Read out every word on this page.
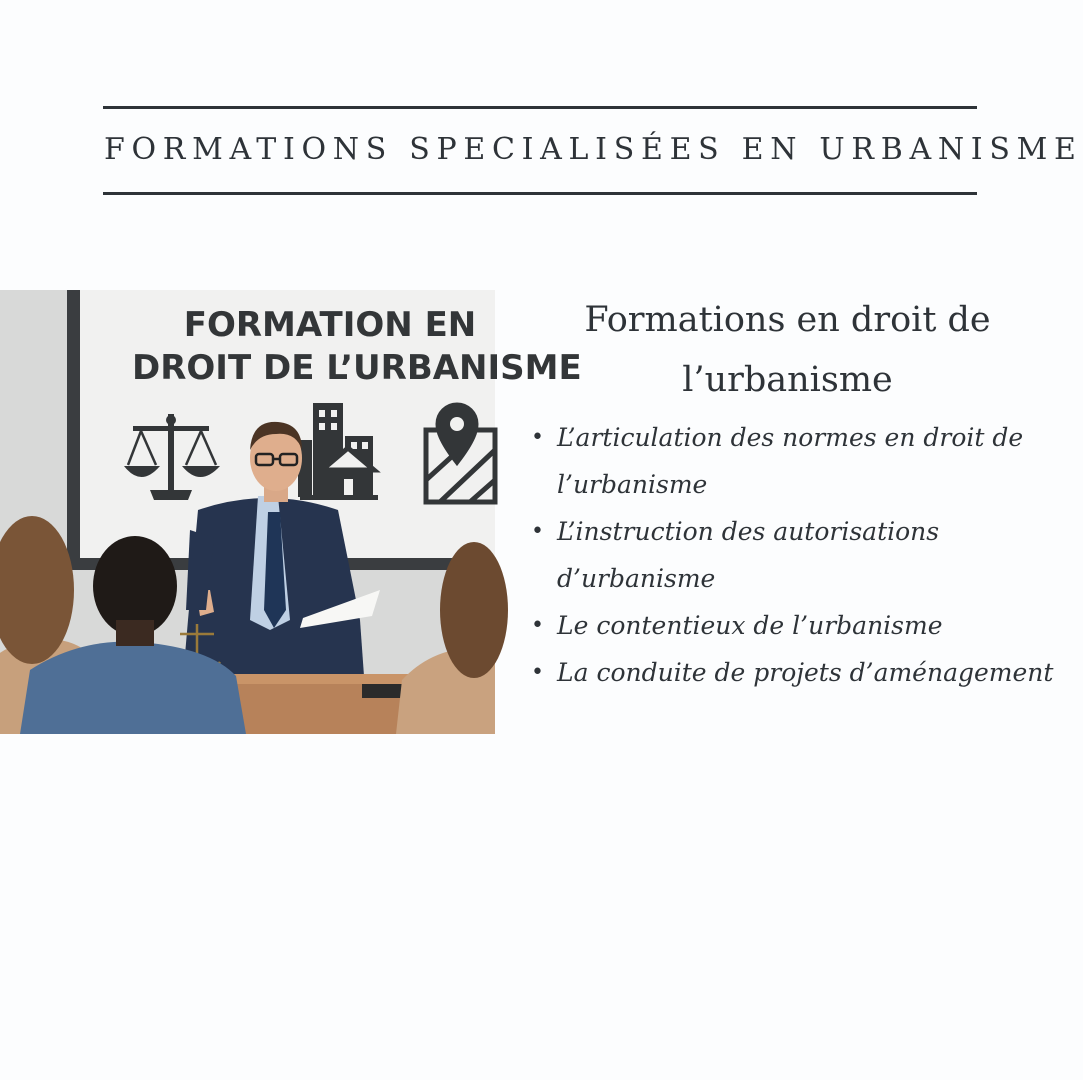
FORMATIONS SPECIALISÉES EN URBANISME
FORMATION EN
DROIT DE L’URBANISME
Formations en droit de
l’urbanisme
• L’articulation des normes en droit de
l’urbanisme
• L’instruction des autorisations
d’urbanisme
• Le contentieux de l’urbanisme
• La conduite de projets d’aménagement
